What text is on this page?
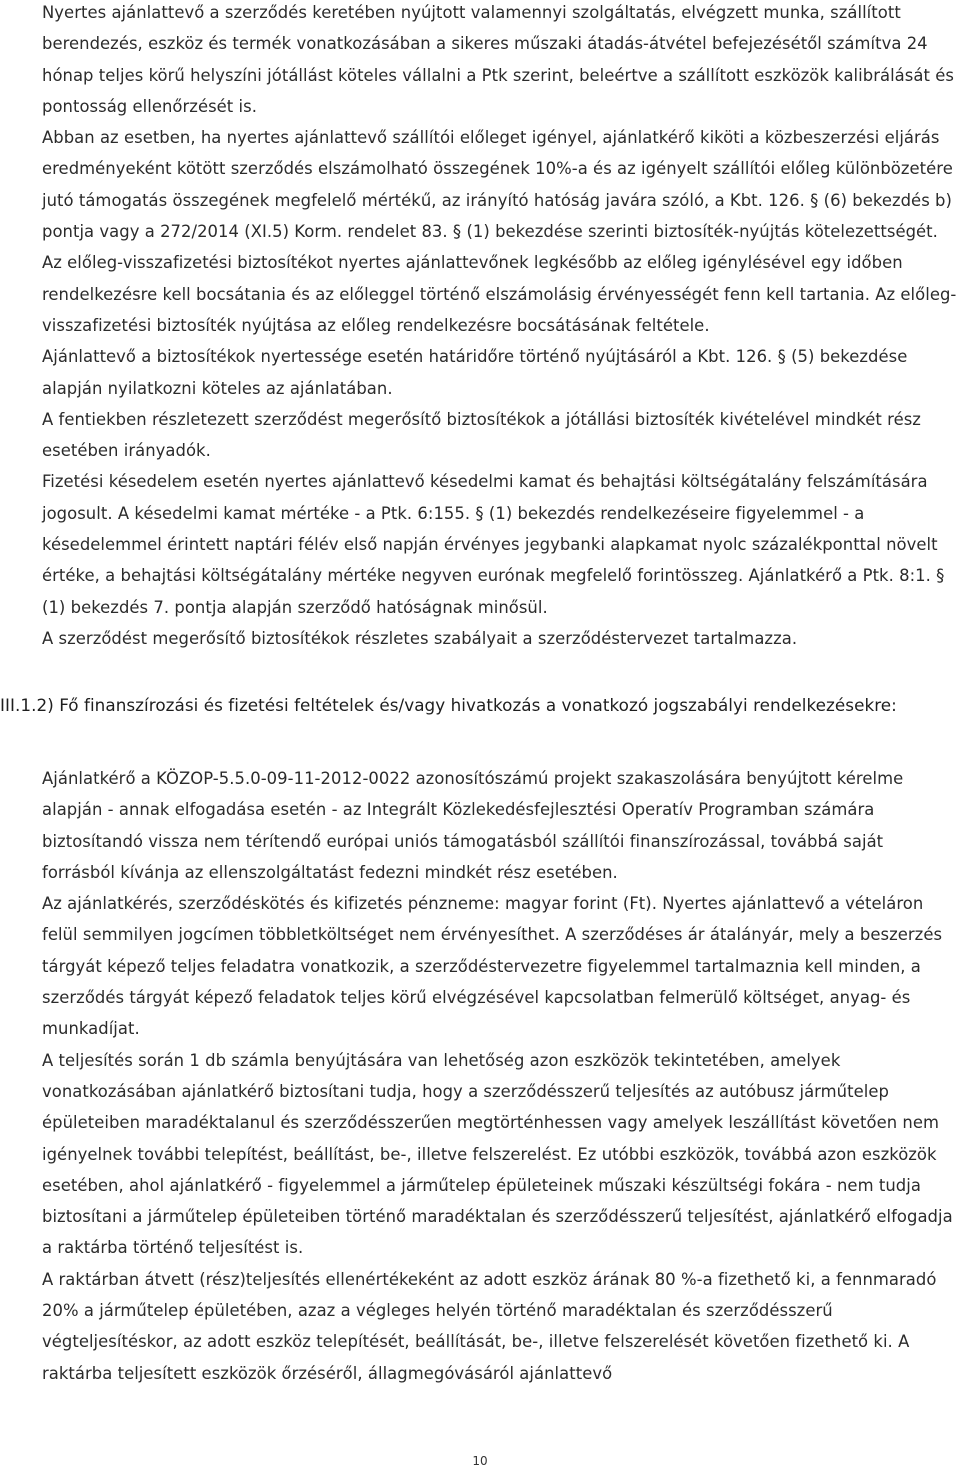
Nyertes ajánlattevő a szerződés keretében nyújtott valamennyi szolgáltatás, elvégzett munka, szállított berendezés, eszköz és termék vonatkozásában a sikeres műszaki átadás-átvétel befejezésétől számítva 24 hónap teljes körű helyszíni jótállást köteles vállalni a Ptk szerint, beleértve a szállított eszközök kalibrálását és pontosság ellenőrzését is.

Abban az esetben, ha nyertes ajánlattevő szállítói előleget igényel, ajánlatkérő kiköti a közbeszerzési eljárás eredményeként kötött szerződés elszámolható összegének 10%-a és az igényelt szállítói előleg különbözetére jutó támogatás összegének megfelelő mértékű, az irányító hatóság javára szóló, a Kbt. 126. § (6) bekezdés b) pontja vagy a 272/2014 (XI.5) Korm. rendelet 83. § (1) bekezdése szerinti biztosíték-nyújtás kötelezettségét. Az előleg-visszafizetési biztosítékot nyertes ajánlattevőnek legkésőbb az előleg igénylésével egy időben rendelkezésre kell bocsátania és az előleggel történő elszámolásig érvényességét fenn kell tartania. Az előleg-visszafizetési biztosíték nyújtása az előleg rendelkezésre bocsátásának feltétele.

Ajánlattevő a biztosítékok nyertessége esetén határidőre történő nyújtásáról a Kbt. 126. § (5) bekezdése alapján nyilatkozni köteles az ajánlatában.

A fentiekben részletezett szerződést megerősítő biztosítékok a jótállási biztosíték kivételével mindkét rész esetében irányadók.

Fizetési késedelem esetén nyertes ajánlattevő késedelmi kamat és behajtási költségátalány felszámítására jogosult. A késedelmi kamat mértéke - a Ptk. 6:155. § (1) bekezdés rendelkezéseire figyelemmel - a késedelemmel érintett naptári félév első napján érvényes jegybanki alapkamat nyolc százalékponttal növelt értéke, a behajtási költségátalány mértéke negyven eurónak megfelelő forintösszeg. Ajánlatkérő a Ptk. 8:1. § (1) bekezdés 7. pontja alapján szerződő hatóságnak minősül.

A szerződést megerősítő biztosítékok részletes szabályait a szerződéstervezet tartalmazza.

III.1.2) Fő finanszírozási és fizetési feltételek és/vagy hivatkozás a vonatkozó jogszabályi rendelkezésekre:

Ajánlatkérő a KÖZOP-5.5.0-09-11-2012-0022 azonosítószámú projekt szakaszolására benyújtott kérelme alapján - annak elfogadása esetén - az Integrált Közlekedésfejlesztési Operatív Programban számára biztosítandó vissza nem térítendő európai uniós támogatásból szállítói finanszírozással, továbbá saját forrásból kívánja az ellenszolgáltatást fedezni mindkét rész esetében.

Az ajánlatkérés, szerződéskötés és kifizetés pénzneme: magyar forint (Ft). Nyertes ajánlattevő a vételáron felül semmilyen jogcímen többletköltséget nem érvényesíthet. A szerződéses ár átalányár, mely a beszerzés tárgyát képező teljes feladatra vonatkozik, a szerződéstervezetre figyelemmel tartalmaznia kell minden, a szerződés tárgyát képező feladatok teljes körű elvégzésével kapcsolatban felmerülő költséget, anyag- és munkadíjat.

A teljesítés során 1 db számla benyújtására van lehetőség azon eszközök tekintetében, amelyek vonatkozásában ajánlatkérő biztosítani tudja, hogy a szerződésszerű teljesítés az autóbusz járműtelep épületeiben maradéktalanul és szerződésszerűen megtörténhessen vagy amelyek leszállítást követően nem igényelnek további telepítést, beállítást, be-, illetve felszerelést. Ez utóbbi eszközök, továbbá azon eszközök esetében, ahol ajánlatkérő - figyelemmel a járműtelep épületeinek műszaki készültségi fokára - nem tudja biztosítani a járműtelep épületeiben történő maradéktalan és szerződésszerű teljesítést, ajánlatkérő elfogadja a raktárba történő teljesítést is.

A raktárban átvett (rész)teljesítés ellenértékeként az adott eszköz árának 80 %-a fizethető ki, a fennmaradó 20% a járműtelep épületében, azaz a végleges helyén történő maradéktalan és szerződésszerű végteljesítéskor, az adott eszköz telepítését, beállítását, be-, illetve felszerelését követően fizethető ki. A raktárba teljesített eszközök őrzéséről, állagmegóvásáról ajánlattevő

10
